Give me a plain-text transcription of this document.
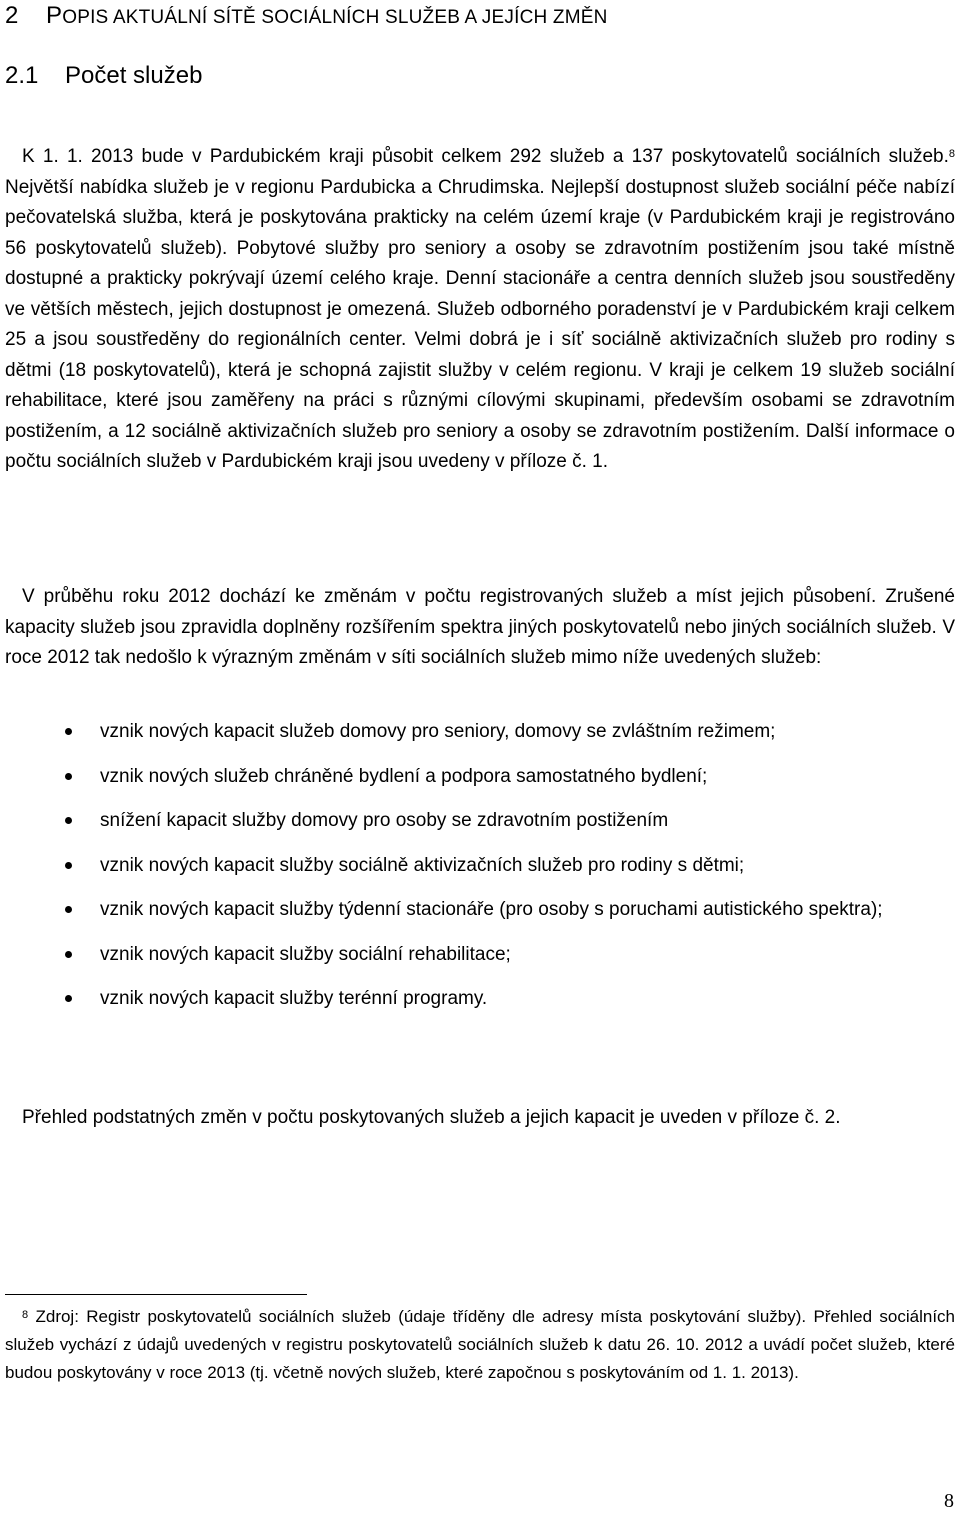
2 POPIS AKTUÁLNÍ SÍTĚ SOCIÁLNÍCH SLUŽEB A JEJÍCH ZMĚN
2.1 Počet služeb

K 1. 1. 2013 bude v Pardubickém kraji působit celkem 292 služeb a 137 poskytovatelů sociálních služeb.$^8$ Největší nabídka služeb je v regionu Pardubicka a Chrudimska. Nejlepší dostupnost služeb sociální péče nabízí pečovatelská služba, která je poskytována prakticky na celém území kraje (v Pardubickém kraji je registrováno 56 poskytovatelů služeb). Pobytové služby pro seniory a osoby se zdravotním postižením jsou také místně dostupné a prakticky pokrývají území celého kraje. Denní stacionáře a centra denních služeb jsou soustředěny ve větších městech, jejich dostupnost je omezená. Služeb odborného poradenství je v Pardubickém kraji celkem 25 a jsou soustředěny do regionálních center. Velmi dobrá je i síť sociálně aktivizačních služeb pro rodiny s dětmi (18 poskytovatelů), která je schopná zajistit služby v celém regionu. V kraji je celkem 19 služeb sociální rehabilitace, které jsou zaměřeny na práci s různými cílovými skupinami, především osobami se zdravotním postižením, a 12 sociálně aktivizačních služeb pro seniory a osoby se zdravotním postižením. Další informace o počtu sociálních služeb v Pardubickém kraji jsou uvedeny v příloze č. 1.

V průběhu roku 2012 dochází ke změnám v počtu registrovaných služeb a míst jejich působení. Zrušené kapacity služeb jsou zpravidla doplněny rozšířením spektra jiných poskytovatelů nebo jiných sociálních služeb. V roce 2012 tak nedošlo k výrazným změnám v síti sociálních služeb mimo níže uvedených služeb:

vznik nových kapacit služeb domovy pro seniory, domovy se zvláštním režimem;
vznik nových služeb chráněné bydlení a podpora samostatného bydlení;
snížení kapacit služby domovy pro osoby se zdravotním postižením
vznik nových kapacit služby sociálně aktivizačních služeb pro rodiny s dětmi;
vznik nových kapacit služby týdenní stacionáře (pro osoby s poruchami autistického spektra);
vznik nových kapacit služby sociální rehabilitace;
vznik nových kapacit služby terénní programy.

Přehled podstatných změn v počtu poskytovaných služeb a jejich kapacit je uveden v příloze č. 2.

$^8$ Zdroj: Registr poskytovatelů sociálních služeb (údaje tříděny dle adresy místa poskytování služby). Přehled sociálních služeb vychází z údajů uvedených v registru poskytovatelů sociálních služeb k datu 26. 10. 2012 a uvádí počet služeb, které budou poskytovány v roce 2013 (tj. včetně nových služeb, které započnou s poskytováním od 1. 1. 2013).

8
